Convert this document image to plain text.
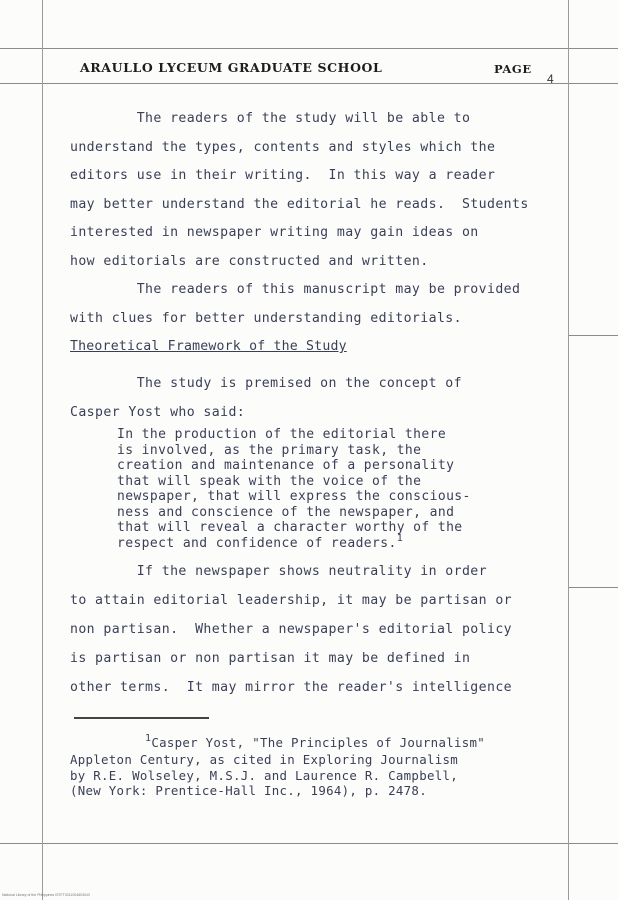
ARAULLO LYCEUM GRADUATE SCHOOL	PAGE
4

The readers of the study will be able to
understand the types, contents and styles which the
editors use in their writing.  In this way a reader
may better understand the editorial he reads.  Students
interested in newspaper writing may gain ideas on
how editorials are constructed and written.

The readers of this manuscript may be provided
with clues for better understanding editorials.

Theoretical Framework of the Study

The study is premised on the concept of
Casper Yost who said:

In the production of the editorial there
is involved, as the primary task, the
creation and maintenance of a personality
that will speak with the voice of the
newspaper, that will express the conscious-
ness and conscience of the newspaper, and
that will reveal a character worthy of the
respect and confidence of readers.$^1$

If the newspaper shows neutrality in order
to attain editorial leadership, it may be partisan or
non partisan.  Whether a newspaper's editorial policy
is partisan or non partisan it may be defined in
other terms.  It may mirror the reader's intelligence

$^1$Casper Yost, "The Principles of Journalism"
Appleton Century, as cited in Exploring Journalism
by R.E. Wolseley, M.S.J. and Laurence R. Campbell,
(New York: Prentice-Hall Inc., 1964), p. 2478.
National Library of the Philippines ISTFT0011004603043
